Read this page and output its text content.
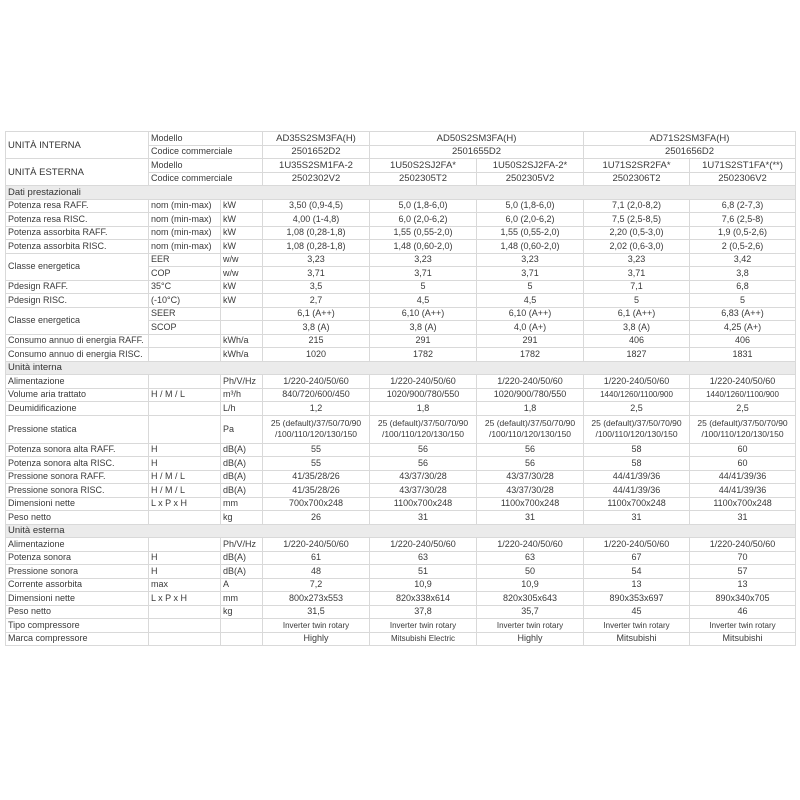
UNITÀ INTERNA	Modello		AD35S2SM3FA(H)	AD50S2SM3FA(H)		AD71S2SM3FA(H)	
	Codice commerciale		2501652D2	2501655D2		2501656D2	
UNITÀ ESTERNA	Modello		1U35S2SM1FA-2	1U50S2SJ2FA*	1U50S2SJ2FA-2*	1U71S2SR2FA*	1U71S2ST1FA*(**)
	Codice commerciale		2502302V2	2502305T2	2502305V2	2502306T2	2502306V2
Dati prestazionali							
Potenza resa RAFF.	nom (min-max)	kW	3,50 (0,9-4,5)	5,0 (1,8-6,0)	5,0 (1,8-6,0)	7,1 (2,0-8,2)	6,8 (2-7,3)
Potenza resa RISC.	nom (min-max)	kW	4,00 (1-4,8)	6,0 (2,0-6,2)	6,0 (2,0-6,2)	7,5 (2,5-8,5)	7,6 (2,5-8)
Potenza assorbita RAFF.	nom (min-max)	kW	1,08 (0,28-1,8)	1,55 (0,55-2,0)	1,55 (0,55-2,0)	2,20 (0,5-3,0)	1,9 (0,5-2,6)
Potenza assorbita RISC.	nom (min-max)	kW	1,08 (0,28-1,8)	1,48 (0,60-2,0)	1,48 (0,60-2,0)	2,02 (0,6-3,0)	2 (0,5-2,6)
Classe energetica	EER	w/w	3,23	3,23	3,23	3,23	3,42
	COP	w/w	3,71	3,71	3,71	3,71	3,8
Pdesign RAFF.	35°C	kW	3,5	5	5	7,1	6,8
Pdesign RISC.	(-10°C)	kW	2,7	4,5	4,5	5	5
Classe energetica	SEER		6,1 (A++)	6,10 (A++)	6,10 (A++)	6,1 (A++)	6,83 (A++)
	SCOP		3,8 (A)	3,8 (A)	4,0 (A+)	3,8 (A)	4,25 (A+)
Consumo annuo di energia RAFF.		kWh/a	215	291	291	406	406
Consumo annuo di energia RISC.		kWh/a	1020	1782	1782	1827	1831
Unità interna							
Alimentazione		Ph/V/Hz	1/220-240/50/60	1/220-240/50/60	1/220-240/50/60	1/220-240/50/60	1/220-240/50/60
Volume aria trattato	H / M / L	m³/h	840/720/600/450	1020/900/780/550	1020/900/780/550	1440/1260/1100/900	1440/1260/1100/900
Deumidificazione		L/h	1,2	1,8	1,8	2,5	2,5
Pressione statica		Pa	25 (default)/37/50/70/90 /100/110/120/130/150	25 (default)/37/50/70/90 /100/110/120/130/150	25 (default)/37/50/70/90 /100/110/120/130/150	25 (default)/37/50/70/90 /100/110/120/130/150	25 (default)/37/50/70/90 /100/110/120/130/150
Potenza sonora alta RAFF.	H	dB(A)	55	56	56	58	60
Potenza sonora alta RISC.	H	dB(A)	55	56	56	58	60
Pressione sonora RAFF.	H / M / L	dB(A)	41/35/28/26	43/37/30/28	43/37/30/28	44/41/39/36	44/41/39/36
Pressione sonora RISC.	H / M / L	dB(A)	41/35/28/26	43/37/30/28	43/37/30/28	44/41/39/36	44/41/39/36
Dimensioni nette	L x P x H	mm	700x700x248	1100x700x248	1100x700x248	1100x700x248	1100x700x248
Peso netto		kg	26	31	31	31	31
Unità esterna							
Alimentazione		Ph/V/Hz	1/220-240/50/60	1/220-240/50/60	1/220-240/50/60	1/220-240/50/60	1/220-240/50/60
Potenza sonora	H	dB(A)	61	63	63	67	70
Pressione sonora	H	dB(A)	48	51	50	54	57
Corrente assorbita	max	A	7,2	10,9	10,9	13	13
Dimensioni nette	L x P x H	mm	800x273x553	820x338x614	820x305x643	890x353x697	890x340x705
Peso netto		kg	31,5	37,8	35,7	45	46
Tipo compressore			Inverter twin rotary	Inverter twin rotary	Inverter twin rotary	Inverter twin rotary	Inverter twin rotary
Marca compressore			Highly	Mitsubishi Electric	Highly	Mitsubishi	Mitsubishi
